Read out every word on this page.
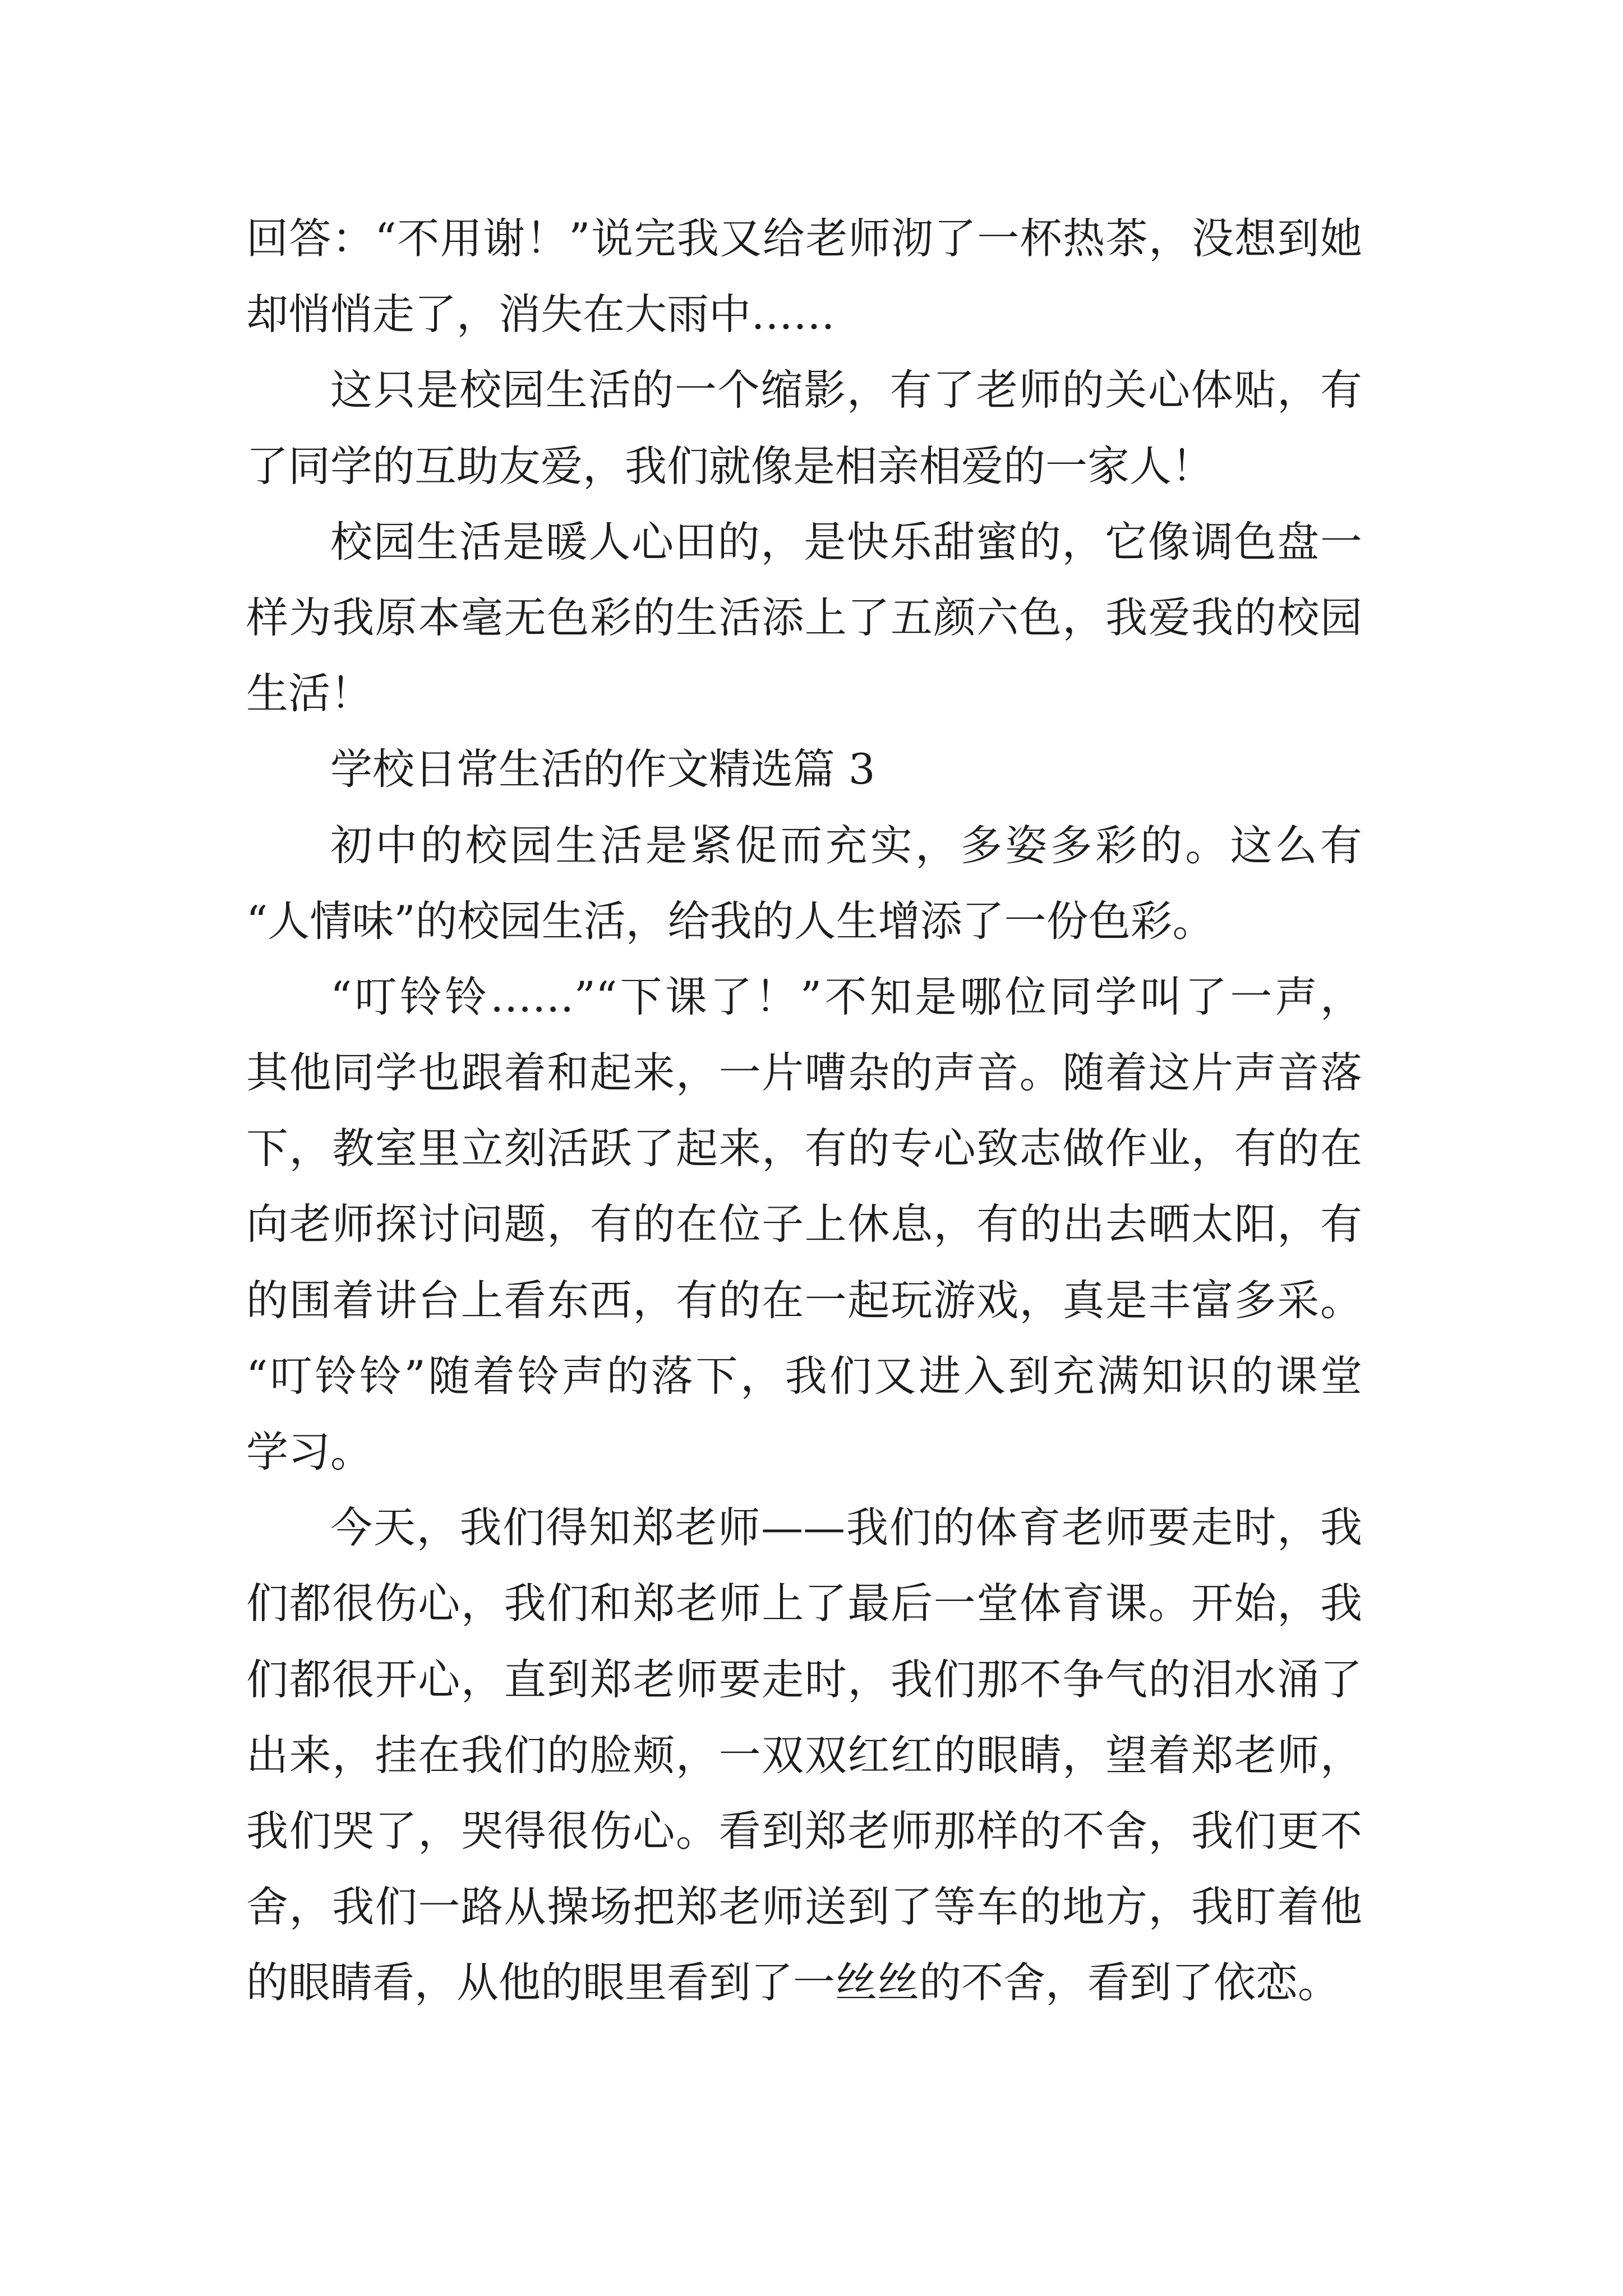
回答：“不用谢！”说完我又给老师沏了一杯热茶，没想到她
却悄悄走了，消失在大雨中……
这只是校园生活的一个缩影，有了老师的关心体贴，有
了同学的互助友爱，我们就像是相亲相爱的一家人！
校园生活是暖人心田的，是快乐甜蜜的，它像调色盘一
样为我原本毫无色彩的生活添上了五颜六色，我爱我的校园
生活！
学校日常生活的作文精选篇 3
初中的校园生活是紧促而充实，多姿多彩的。这么有
“人情味”的校园生活，给我的人生增添了一份色彩。
“叮铃铃……”“下课了！”不知是哪位同学叫了一声，
其他同学也跟着和起来，一片嘈杂的声音。随着这片声音落
下，教室里立刻活跃了起来，有的专心致志做作业，有的在
向老师探讨问题，有的在位子上休息，有的出去晒太阳，有
的围着讲台上看东西，有的在一起玩游戏，真是丰富多采。
“叮铃铃”随着铃声的落下，我们又进入到充满知识的课堂
学习。
今天，我们得知郑老师——我们的体育老师要走时，我
们都很伤心，我们和郑老师上了最后一堂体育课。开始，我
们都很开心，直到郑老师要走时，我们那不争气的泪水涌了
出来，挂在我们的脸颊，一双双红红的眼睛，望着郑老师，
我们哭了，哭得很伤心。看到郑老师那样的不舍，我们更不
舍，我们一路从操场把郑老师送到了等车的地方，我盯着他
的眼睛看，从他的眼里看到了一丝丝的不舍，看到了依恋。
